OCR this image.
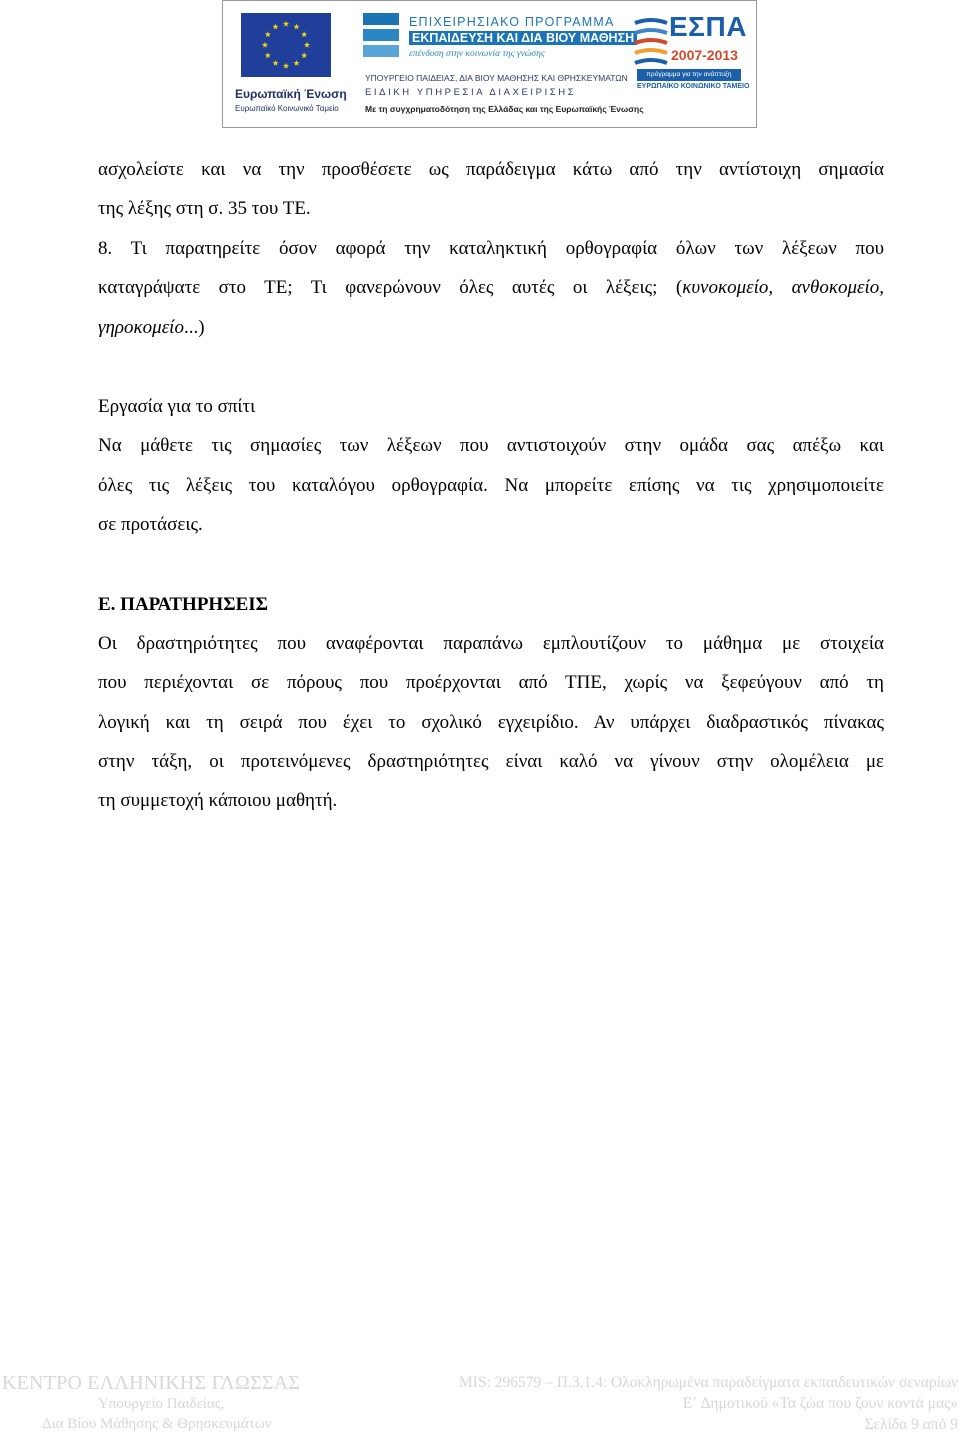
Ευρωπαϊκή Ένωση
Ευρωπαϊκό Κοινωνικό Ταμείο
ΕΠΙΧΕΙΡΗΣΙΑΚΟ ΠΡΟΓΡΑΜΜΑ
ΕΚΠΑΙΔΕΥΣΗ ΚΑΙ ΔΙΑ ΒΙΟΥ ΜΑΘΗΣΗ
επένδυση στην κοινωνία της γνώσης
ΥΠΟΥΡΓΕΙΟ ΠΑΙΔΕΙΑΣ, ΔΙΑ ΒΙΟΥ ΜΑΘΗΣΗΣ ΚΑΙ ΘΡΗΣΚΕΥΜΑΤΩΝ
ΕΙΔΙΚΗ ΥΠΗΡΕΣΙΑ ΔΙΑΧΕΙΡΙΣΗΣ
Με τη συγχρηματοδότηση της Ελλάδας και της Ευρωπαϊκής Ένωσης
ΕΣΠΑ
2007-2013
πρόγραμμα για την ανάπτυξη
ΕΥΡΩΠΑΪΚΟ ΚΟΙΝΩΝΙΚΟ ΤΑΜΕΙΟ
ασχολείστε και να την προσθέσετε ως παράδειγμα κάτω από την αντίστοιχη σημασία
της λέξης στη σ. 35 του ΤΕ.
8. Τι παρατηρείτε όσον αφορά την καταληκτική ορθογραφία όλων των λέξεων που
καταγράψατε στο ΤΕ; Τι φανερώνουν όλες αυτές οι λέξεις; (κυνοκομείο, ανθοκομείο,
γηροκομείο...)
Εργασία για το σπίτι
Να μάθετε τις σημασίες των λέξεων που αντιστοιχούν στην ομάδα σας απέξω και
όλες τις λέξεις του καταλόγου ορθογραφία. Να μπορείτε επίσης να τις χρησιμοποιείτε
σε προτάσεις.
Ε. ΠΑΡΑΤΗΡΗΣΕΙΣ
Οι δραστηριότητες που αναφέρονται παραπάνω εμπλουτίζουν το μάθημα με στοιχεία
που περιέχονται σε πόρους που προέρχονται από ΤΠΕ, χωρίς να ξεφεύγουν από τη
λογική και τη σειρά που έχει το σχολικό εγχειρίδιο. Αν υπάρχει διαδραστικός πίνακας
στην τάξη, οι προτεινόμενες δραστηριότητες είναι καλό να γίνουν στην ολομέλεια με
τη συμμετοχή κάποιου μαθητή.
ΚΕΝΤΡΟ ΕΛΛΗΝΙΚΗΣ ΓΛΩΣΣΑΣ
Υπουργείο Παιδείας,
Δια Βίου Μάθησης & Θρησκευμάτων
MIS: 296579 – Π.3.1.4: Ολοκληρωμένα παραδείγματα εκπαιδευτικών σεναρίων
Ε΄ Δημοτικού «Τα ζώα που ζουν κοντά μας»
Σελίδα 9 από 9
